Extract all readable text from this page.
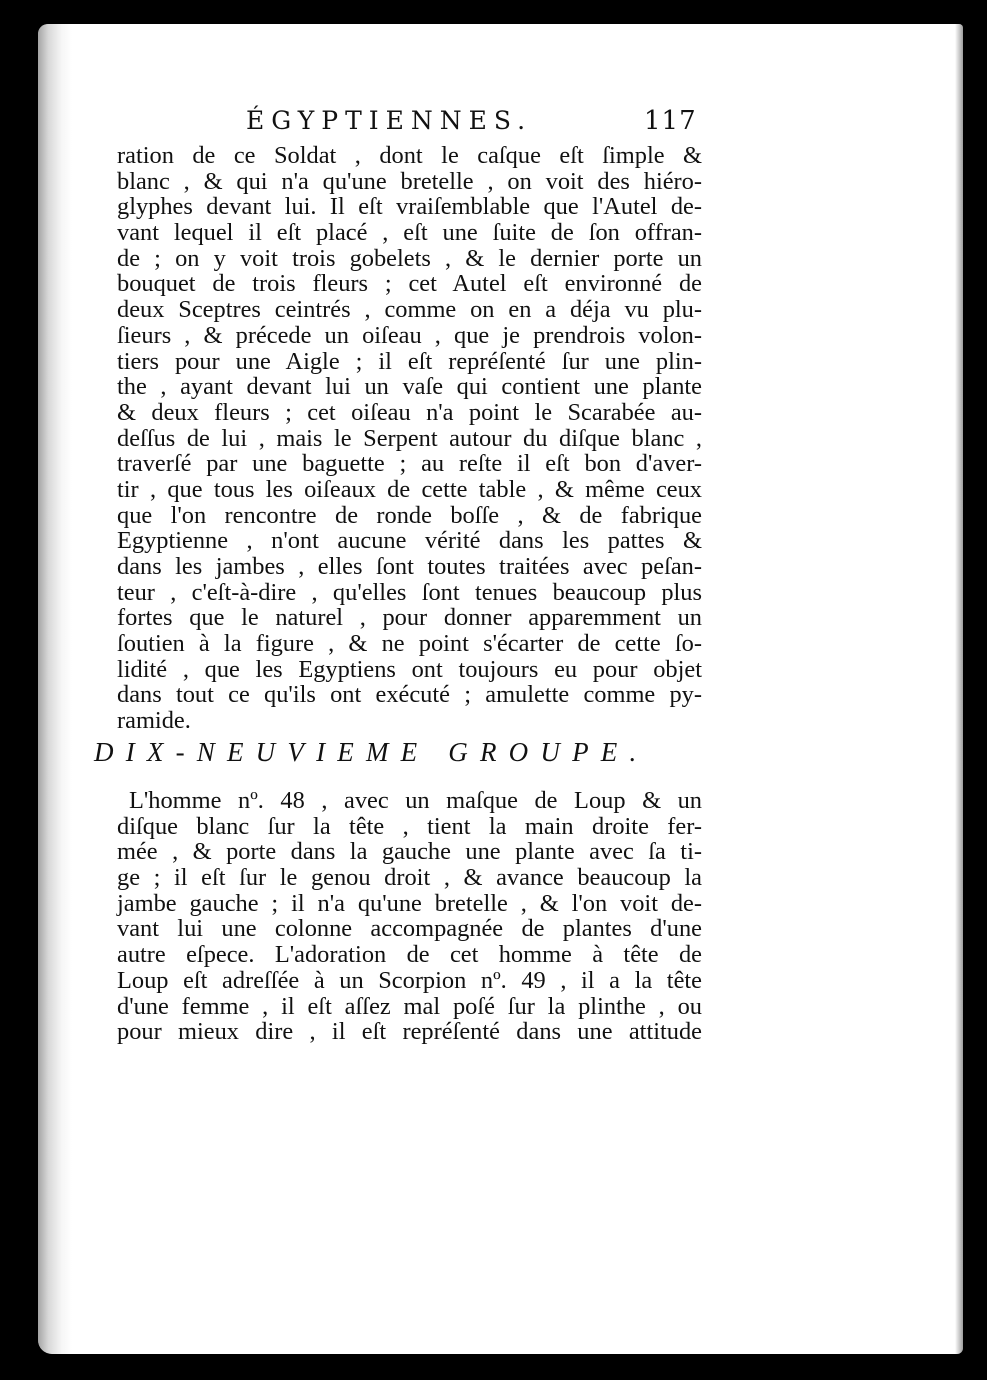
ÉGYPTIENNES.	117
ration de ce Soldat , dont le caſque eſt ſimple &
blanc , & qui n'a qu'une bretelle , on voit des hiéro-
glyphes devant lui. Il eſt vraiſemblable que l'Autel de-
vant lequel il eſt placé , eſt une ſuite de ſon offran-
de ; on y voit trois gobelets , & le dernier porte un
bouquet de trois fleurs ; cet Autel eſt environné de
deux Sceptres ceintrés , comme on en a déja vu plu-
ſieurs , & précede un oiſeau , que je prendrois volon-
tiers pour une Aigle ; il eſt repréſenté ſur une plin-
the , ayant devant lui un vaſe qui contient une plante
& deux fleurs ; cet oiſeau n'a point le Scarabée au-
deſſus de lui , mais le Serpent autour du diſque blanc ,
traverſé par une baguette ; au reſte il eſt bon d'aver-
tir , que tous les oiſeaux de cette table , & même ceux
que l'on rencontre de ronde boſſe , & de fabrique
Egyptienne , n'ont aucune vérité dans les pattes &
dans les jambes , elles ſont toutes traitées avec peſan-
teur , c'eſt-à-dire , qu'elles ſont tenues beaucoup plus
fortes que le naturel , pour donner apparemment un
ſoutien à la figure , & ne point s'écarter de cette ſo-
lidité , que les Egyptiens ont toujours eu pour objet
dans tout ce qu'ils ont exécuté ; amulette comme py-
ramide.
DIX-NEUVIEME GROUPE.
L'homme nº. 48 , avec un maſque de Loup & un
diſque blanc ſur la tête , tient la main droite fer-
mée , & porte dans la gauche une plante avec ſa ti-
ge ; il eſt ſur le genou droit , & avance beaucoup la
jambe gauche ; il n'a qu'une bretelle , & l'on voit de-
vant lui une colonne accompagnée de plantes d'une
autre eſpece. L'adoration de cet homme à tête de
Loup eſt adreſſée à un Scorpion nº. 49 , il a la tête
d'une femme , il eſt aſſez mal poſé ſur la plinthe , ou
pour mieux dire , il eſt repréſenté dans une attitude
